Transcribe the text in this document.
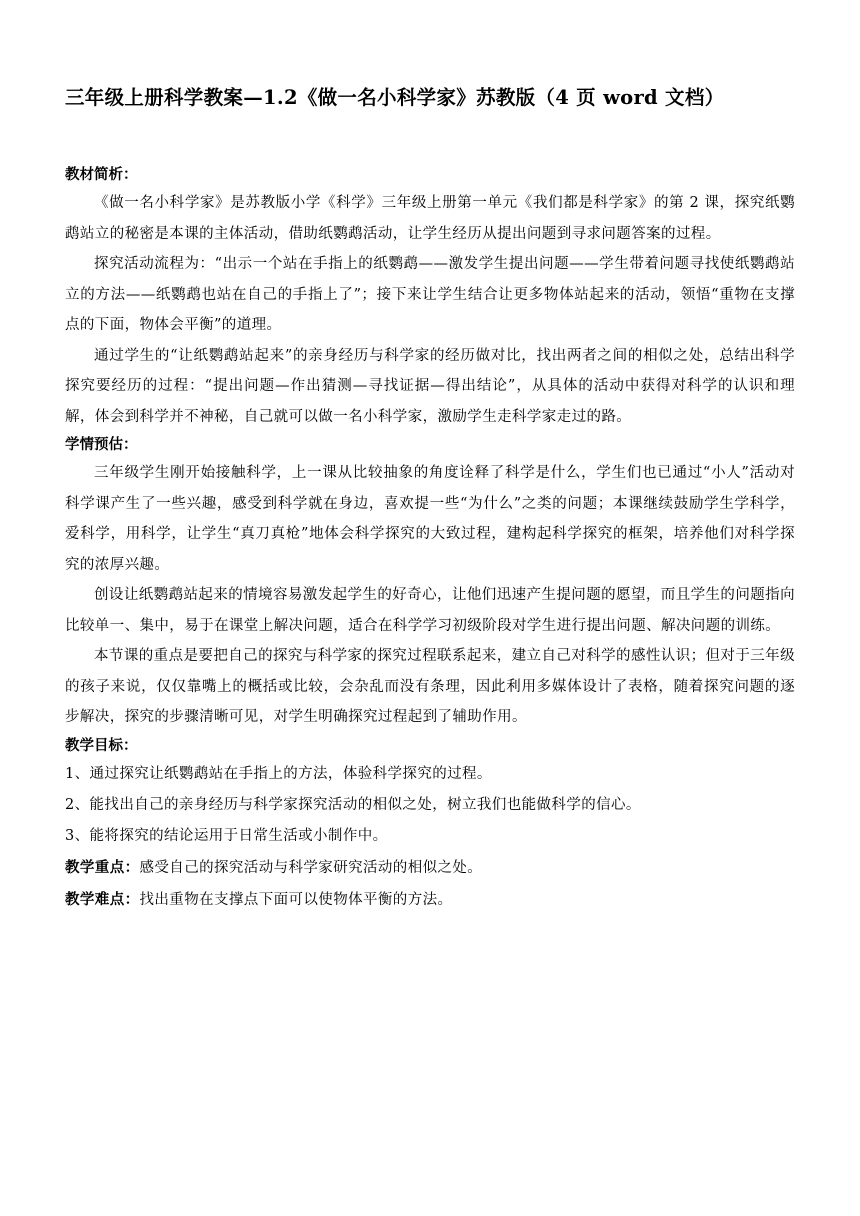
三年级上册科学教案—1.2《做一名小科学家》苏教版（4 页 word 文档）

教材简析：

《做一名小科学家》是苏教版小学《科学》三年级上册第一单元《我们都是科学家》的第 2 课，探究纸鹦鹉站立的秘密是本课的主体活动，借助纸鹦鹉活动，让学生经历从提出问题到寻求问题答案的过程。

探究活动流程为：“出示一个站在手指上的纸鹦鹉——激发学生提出问题——学生带着问题寻找使纸鹦鹉站立的方法——纸鹦鹉也站在自己的手指上了”；接下来让学生结合让更多物体站起来的活动，领悟“重物在支撑点的下面，物体会平衡”的道理。

通过学生的“让纸鹦鹉站起来”的亲身经历与科学家的经历做对比，找出两者之间的相似之处，总结出科学探究要经历的过程：“提出问题—作出猜测—寻找证据—得出结论”，从具体的活动中获得对科学的认识和理解，体会到科学并不神秘，自己就可以做一名小科学家，激励学生走科学家走过的路。

学情预估：

三年级学生刚开始接触科学，上一课从比较抽象的角度诠释了科学是什么，学生们也已通过“小人”活动对科学课产生了一些兴趣，感受到科学就在身边，喜欢提一些“为什么”之类的问题；本课继续鼓励学生学科学，爱科学，用科学，让学生“真刀真枪”地体会科学探究的大致过程，建构起科学探究的框架，培养他们对科学探究的浓厚兴趣。

创设让纸鹦鹉站起来的情境容易激发起学生的好奇心，让他们迅速产生提问题的愿望，而且学生的问题指向比较单一、集中，易于在课堂上解决问题，适合在科学学习初级阶段对学生进行提出问题、解决问题的训练。

本节课的重点是要把自己的探究与科学家的探究过程联系起来，建立自己对科学的感性认识；但对于三年级的孩子来说，仅仅靠嘴上的概括或比较，会杂乱而没有条理，因此利用多媒体设计了表格，随着探究问题的逐步解决，探究的步骤清晰可见，对学生明确探究过程起到了辅助作用。

教学目标：

1、通过探究让纸鹦鹉站在手指上的方法，体验科学探究的过程。

2、能找出自己的亲身经历与科学家探究活动的相似之处，树立我们也能做科学的信心。

3、能将探究的结论运用于日常生活或小制作中。

教学重点：感受自己的探究活动与科学家研究活动的相似之处。

教学难点：找出重物在支撑点下面可以使物体平衡的方法。
